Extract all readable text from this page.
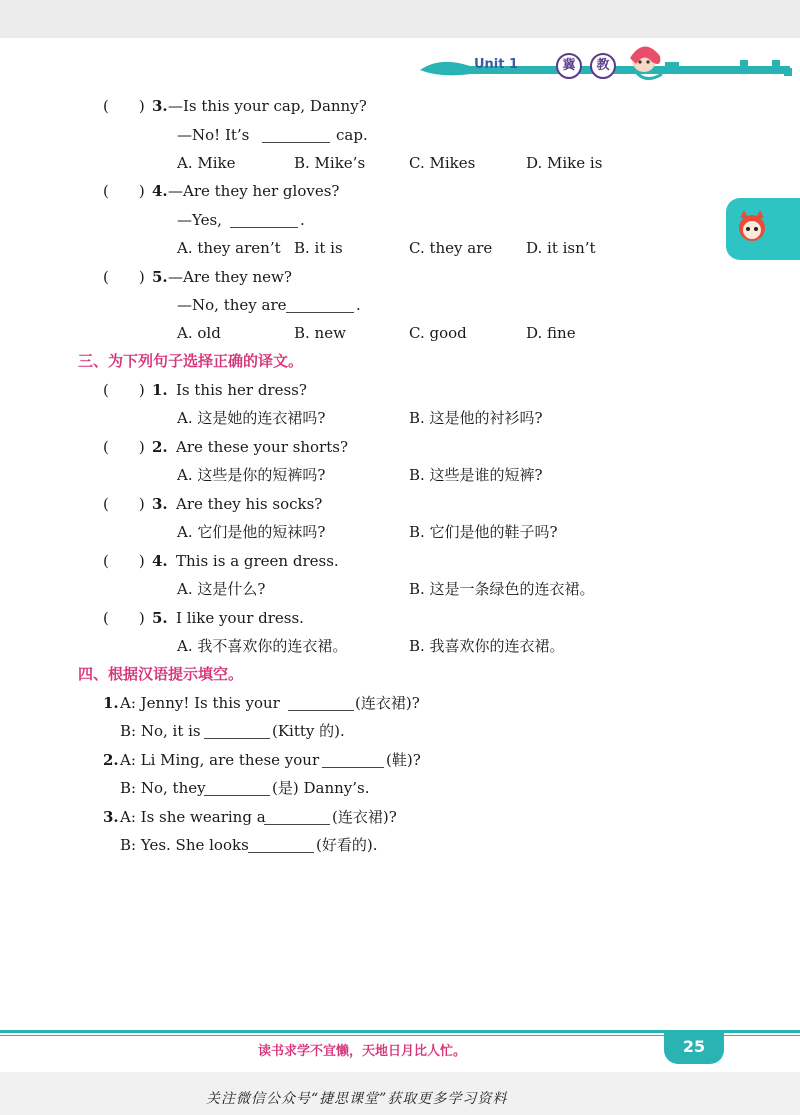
Unit 1	冀	教
(  ) 3. —Is this your cap, Danny?
—No! It’s	cap.
A. Mike	B. Mike’s	C. Mikes	D. Mike is
(  ) 4. —Are they her gloves?
—Yes,	.
A. they aren’t B. it is	C. they are D. it isn’t
(  ) 5. —Are they new?
—No, they are	.
A. old	B. new	C. good	D. fine
三、为下列句子选择正确的译文。
(  ) 1. Is this her dress?
A. 这是她的连衣裙吗?	B. 这是他的衬衫吗?
(  ) 2. Are these your shorts?
A. 这些是你的短裤吗?	B. 这些是谁的短裤?
(  ) 3. Are they his socks?
A. 它们是他的短袜吗?	B. 它们是他的鞋子吗?
(  ) 4. This is a green dress.
A. 这是什么?	B. 这是一条绿色的连衣裙。
(  ) 5. I like your dress.
A. 我不喜欢你的连衣裙。	B. 我喜欢你的连衣裙。
四、根据汉语提示填空。
1. A: Jenny! Is this your	(连衣裙)?
B: No, it is	(Kitty 的).
2. A: Li Ming, are these your	(鞋)?
B: No, they	(是) Danny’s.
3. A: Is she wearing a	(连衣裙)?
B: Yes. She looks	(好看的).
读书求学不宜懒，天地日月比人忙。	25
关注微信公众号“捷思课堂”获取更多学习资料
